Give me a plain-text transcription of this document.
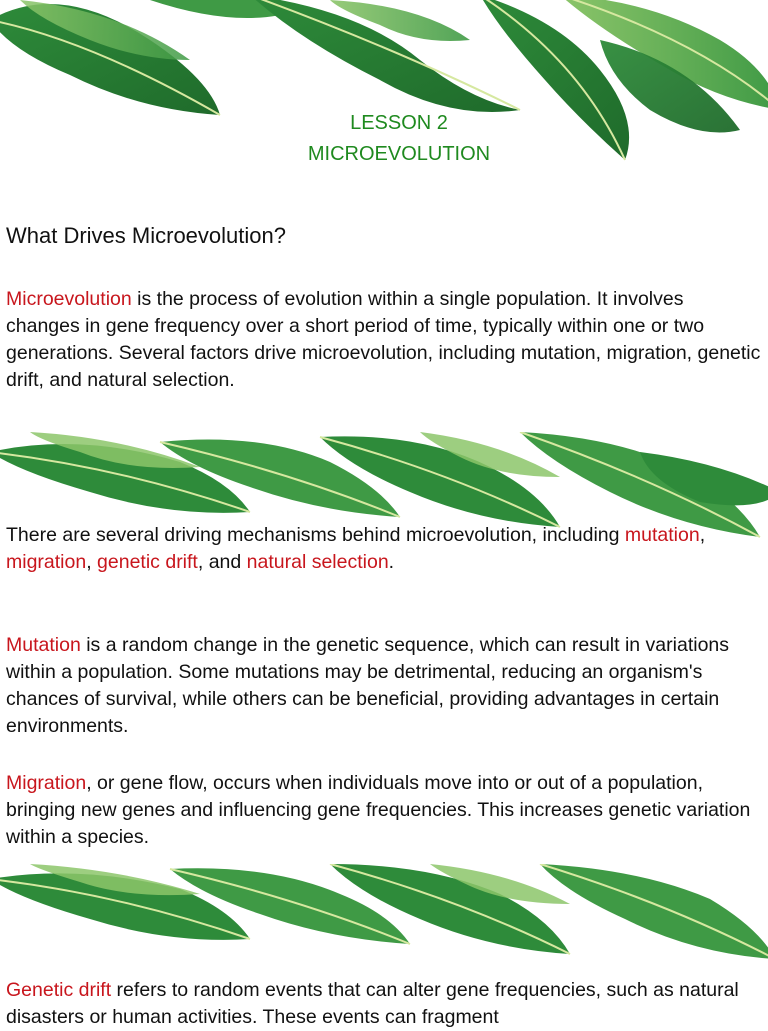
LESSON 2
MICROEVOLUTION
What Drives Microevolution?
Microevolution is the process of evolution within a single population. It involves changes in gene frequency over a short period of time, typically within one or two generations. Several factors drive microevolution, including mutation, migration, genetic drift, and natural selection.
There are several driving mechanisms behind microevolution, including mutation, migration, genetic drift, and natural selection.
Mutation is a random change in the genetic sequence, which can result in variations within a population. Some mutations may be detrimental, reducing an organism's chances of survival, while others can be beneficial, providing advantages in certain environments.
Migration, or gene flow, occurs when individuals move into or out of a population, bringing new genes and influencing gene frequencies. This increases genetic variation within a species.
Genetic drift refers to random events that can alter gene frequencies, such as natural disasters or human activities. These events can fragment
